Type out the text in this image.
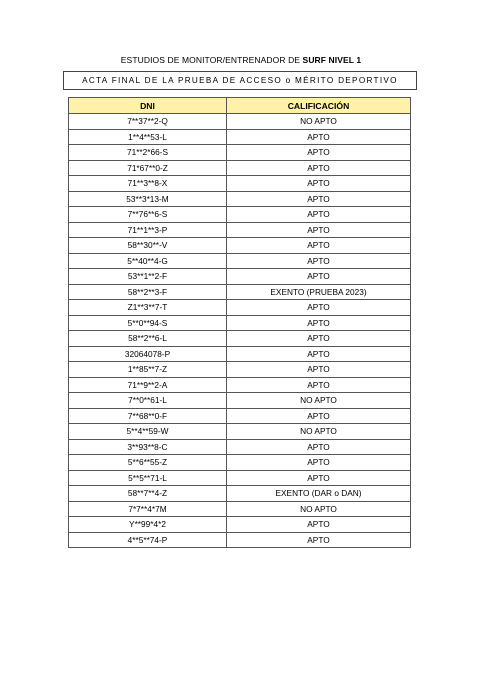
ESTUDIOS DE MONITOR/ENTRENADOR DE SURF NIVEL 1
ACTA FINAL DE LA PRUEBA DE ACCESO o MÉRITO DEPORTIVO
DNI	CALIFICACIÓN
7**37**2-Q	NO APTO
1**4**53-L	APTO
71**2*66-S	APTO
71*67**0-Z	APTO
71**3**8-X	APTO
53**3*13-M	APTO
7**76**6-S	APTO
71**1**3-P	APTO
58**30**-V	APTO
5**40**4-G	APTO
53**1**2-F	APTO
58**2**3-F	EXENTO (PRUEBA 2023)
Z1**3**7-T	APTO
5**0**94-S	APTO
58**2**6-L	APTO
32064078-P	APTO
1**85**7-Z	APTO
71**9**2-A	APTO
7**0**61-L	NO APTO
7**68**0-F	APTO
5**4**59-W	NO APTO
3**93**8-C	APTO
5**6**55-Z	APTO
5**5**71-L	APTO
58**7**4-Z	EXENTO (DAR o DAN)
7*7**4*7M	NO APTO
Y**99*4*2	APTO
4**5**74-P	APTO
